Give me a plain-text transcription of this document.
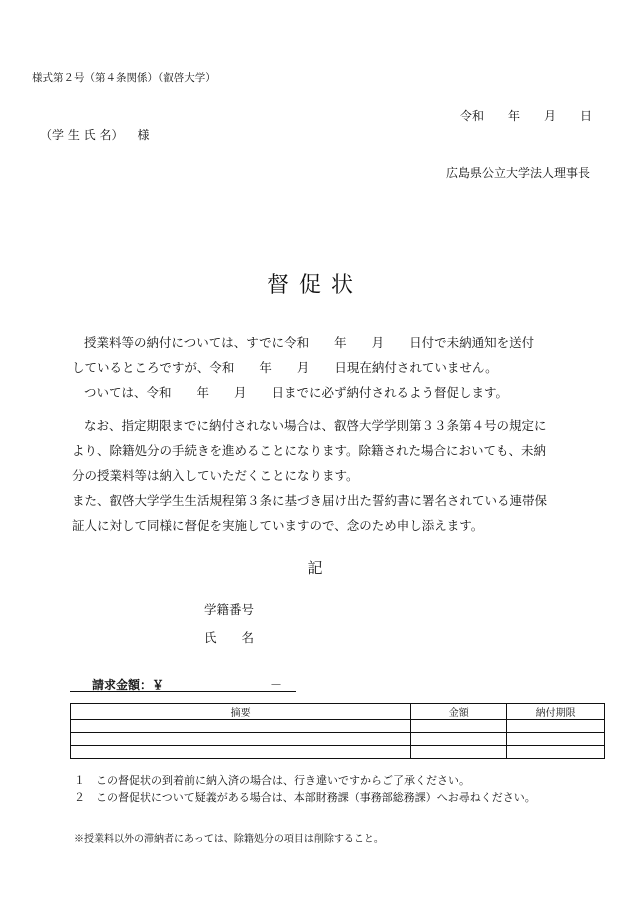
様式第２号（第４条関係）（叡啓大学）
令和 年 月 日
（学 生 氏 名） 様
広島県公立大学法人理事長
督促状
授業料等の納付については、すでに令和　　年　　月　　日付で未納通知を送付
しているところですが、令和　　年　　月　　日現在納付されていません。
ついては、令和　　年　　月　　日までに必ず納付されるよう督促します。
なお、指定期限までに納付されない場合は、叡啓大学学則第３３条第４号の規定に
より、除籍処分の手続きを進めることになります。除籍された場合においても、未納
分の授業料等は納入していただくことになります。
また、叡啓大学学生生活規程第３条に基づき届け出た誓約書に署名されている連帯保
証人に対して同様に督促を実施していますので、念のため申し添えます。
記
学籍番号
氏　　名
請求金額：￥	－
摘要	金額	納付期限

１　この督促状の到着前に納入済の場合は、行き違いですからご了承ください。
２　この督促状について疑義がある場合は、本部財務課（事務部総務課）へお尋ねください。
※授業料以外の滞納者にあっては、除籍処分の項目は削除すること。
